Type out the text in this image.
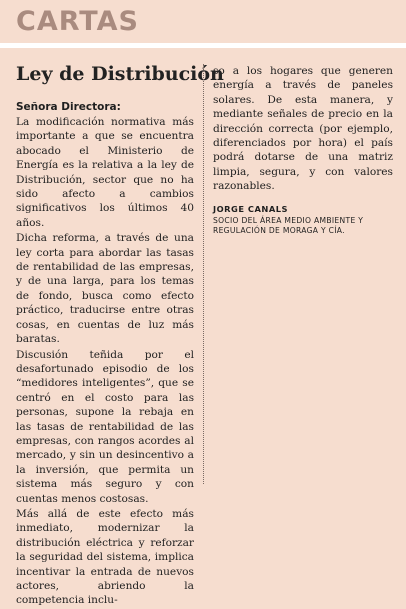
CARTAS
Ley de Distribución
Señora Directora:

La modificación normativa más importante a que se encuentra abocado el Ministerio de Energía es la relativa a la ley de Distribución, sector que no ha sido afecto a cambios significativos los últimos 40 años.

Dicha reforma, a través de una ley corta para abordar las tasas de rentabilidad de las empresas, y de una larga, para los temas de fondo, busca como efecto práctico, traducirse entre otras cosas, en cuentas de luz más baratas.

Discusión teñida por el desafortunado episodio de los “medidores inteligentes”, que se centró en el costo para las personas, supone la rebaja en las tasas de rentabilidad de las empresas, con rangos acordes al mercado, y sin un desincentivo a la inversión, que permita un sistema más seguro y con cuentas menos costosas.

Más allá de este efecto más inmediato, modernizar la distribución eléctrica y reforzar la seguridad del sistema, implica incentivar la entrada de nuevos actores, abriendo la competencia inclu-

so a los hogares que generen energía a través de paneles solares. De esta manera, y mediante señales de precio en la dirección correcta (por ejemplo, diferenciados por hora) el país podrá dotarse de una matriz limpia, segura, y con valores razonables.

JORGE CANALS
SOCIO DEL ÁREA MEDIO AMBIENTE Y REGULACIÓN DE MORAGA Y CÍA.
